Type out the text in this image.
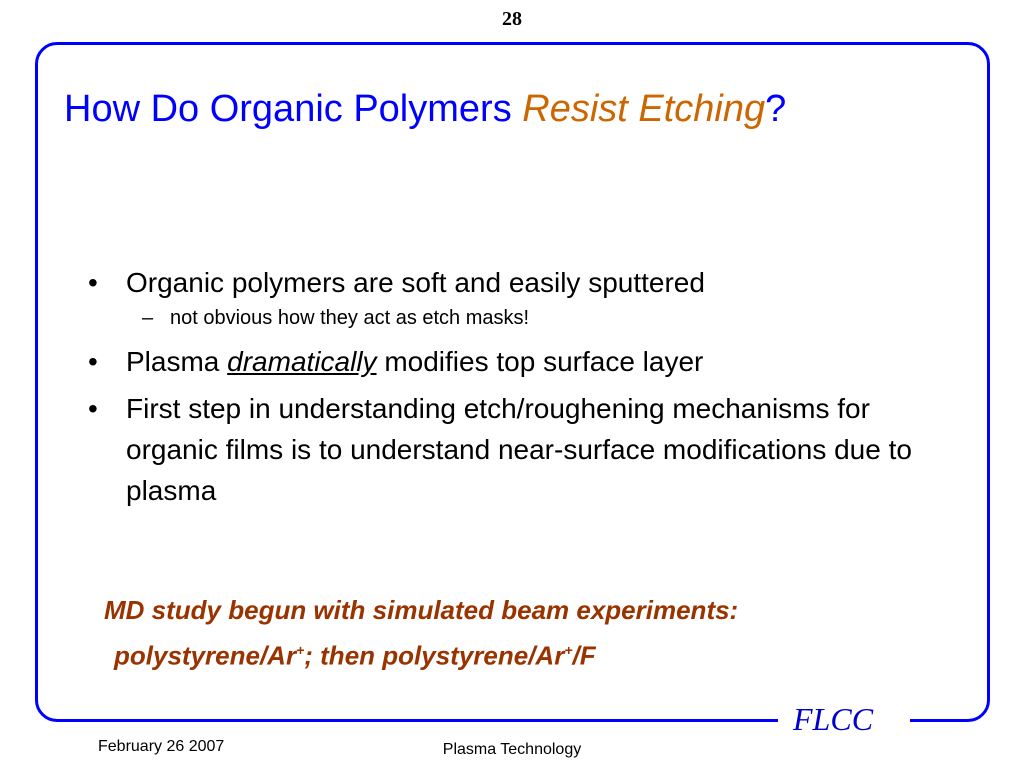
28
How Do Organic Polymers Resist Etching?
• Organic polymers are soft and easily sputtered
– not obvious how they act as etch masks!
• Plasma dramatically modifies top surface layer
• First step in understanding etch/roughening mechanisms for organic films is to understand near-surface modifications due to plasma
MD study begun with simulated beam experiments:
polystyrene/Ar+; then polystyrene/Ar+/F
FLCC
February 26 2007	Plasma Technology
